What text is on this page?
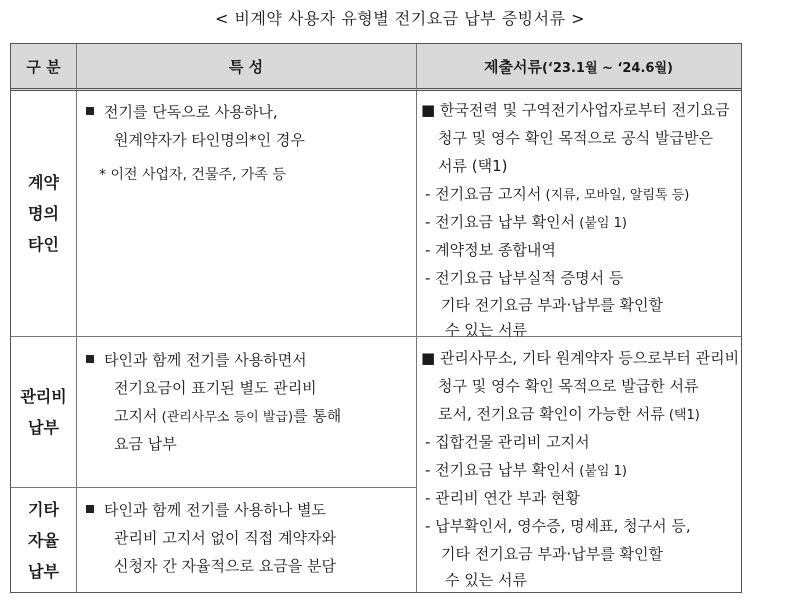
< 비계약 사용자 유형별 전기요금 납부 증빙서류 >
구 분	특 성	제출서류 (‘23.1월 ~ ‘24.6월)
계약
명의
타인
전기를 단독으로 사용하나,
원계약자가 타인명의*인 경우
* 이전 사업자, 건물주, 가족 등
■ 한국전력 및 구역전기사업자로부터 전기요금
청구 및 영수 확인 목적으로 공식 발급받은
서류 (택1)
- 전기요금 고지서 (지류, 모바일, 알림톡 등)
- 전기요금 납부 확인서 (붙임 1)
- 계약정보 종합내역
- 전기요금 납부실적 증명서 등
기타 전기요금 부과·납부를 확인할
수 있는 서류
관리비
납부
타인과 함께 전기를 사용하면서
전기요금이 표기된 별도 관리비
고지서 (관리사무소 등이 발급)를 통해
요금 납부
■ 관리사무소, 기타 원계약자 등으로부터 관리비
청구 및 영수 확인 목적으로 발급한 서류
로서, 전기요금 확인이 가능한 서류 (택1)
- 집합건물 관리비 고지서
- 전기요금 납부 확인서 (붙임 1)
- 관리비 연간 부과 현황
- 납부확인서, 영수증, 명세표, 청구서 등,
기타 전기요금 부과·납부를 확인할
수 있는 서류
기타
자율
납부
타인과 함께 전기를 사용하나 별도
관리비 고지서 없이 직접 계약자와
신청자 간 자율적으로 요금을 분담
